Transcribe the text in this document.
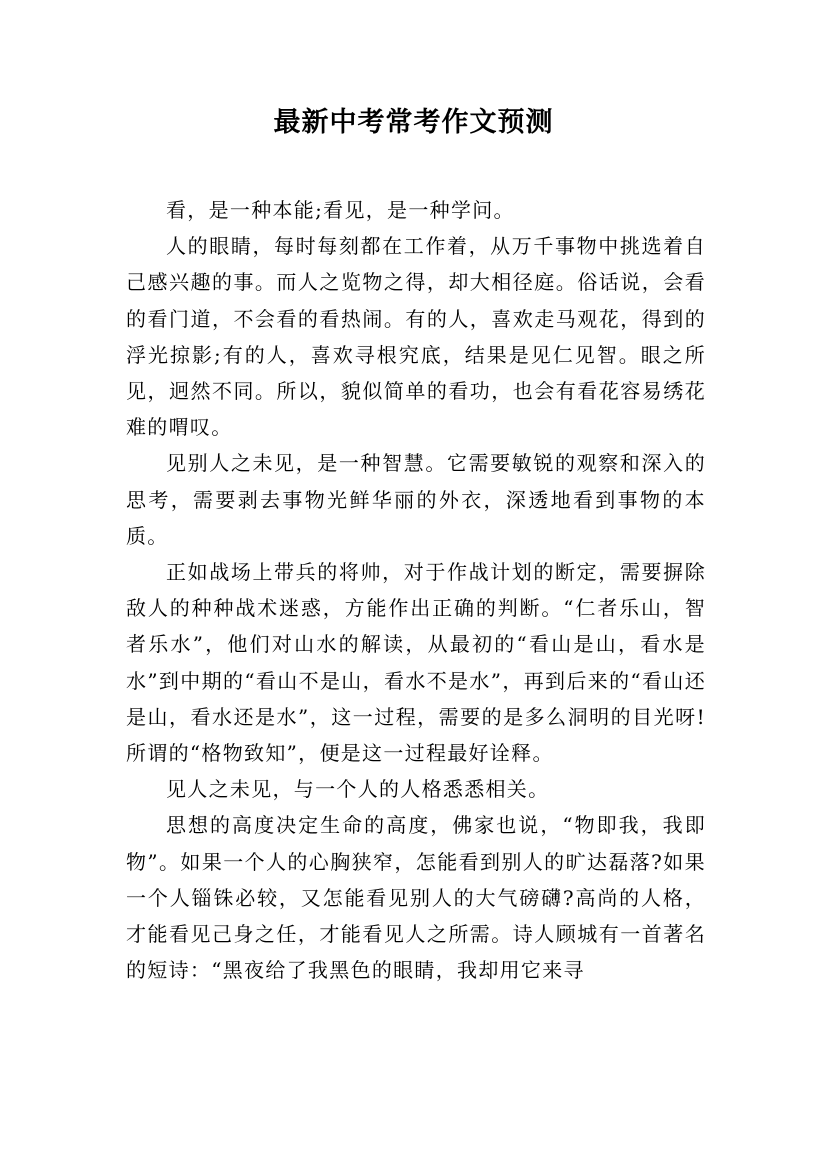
最新中考常考作文预测

看，是一种本能;看见，是一种学问。

人的眼睛，每时每刻都在工作着，从万千事物中挑选着自己感兴趣的事。而人之览物之得，却大相径庭。俗话说，会看的看门道，不会看的看热闹。有的人，喜欢走马观花，得到的浮光掠影;有的人，喜欢寻根究底，结果是见仁见智。眼之所见，迥然不同。所以，貌似简单的看功，也会有看花容易绣花难的喟叹。

见别人之未见，是一种智慧。它需要敏锐的观察和深入的思考，需要剥去事物光鲜华丽的外衣，深透地看到事物的本质。

正如战场上带兵的将帅，对于作战计划的断定，需要摒除敌人的种种战术迷惑，方能作出正确的判断。“仁者乐山，智者乐水”，他们对山水的解读，从最初的“看山是山，看水是水”到中期的“看山不是山，看水不是水”，再到后来的“看山还是山，看水还是水”，这一过程，需要的是多么洞明的目光呀!所谓的“格物致知”，便是这一过程最好诠释。

见人之未见，与一个人的人格悉悉相关。

思想的高度决定生命的高度，佛家也说，“物即我，我即物”。如果一个人的心胸狭窄，怎能看到别人的旷达磊落?如果一个人锱铢必较，又怎能看见别人的大气磅礴?高尚的人格，才能看见己身之任，才能看见人之所需。诗人顾城有一首著名的短诗：“黑夜给了我黑色的眼睛，我却用它来寻
